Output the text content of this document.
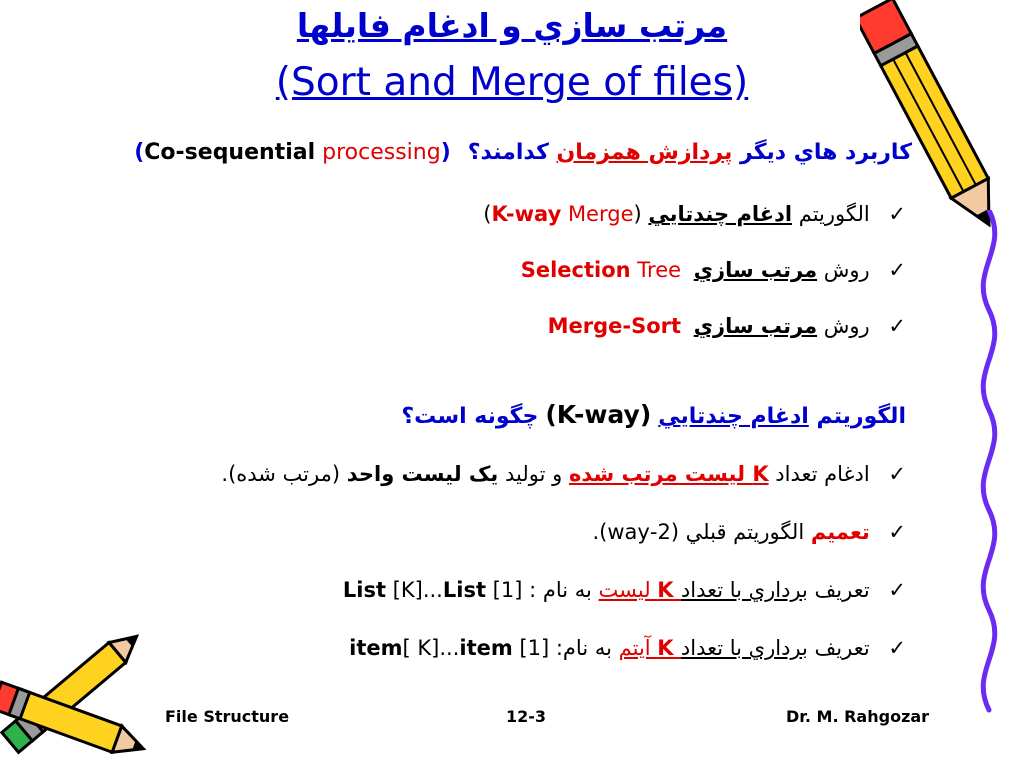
مرتب سازي و ادغام فايلها
(Sort and Merge of files)
كاربرد هاي ديگر پردازش همزمان كدامند؟ (Co-sequential processing)
✓ الگوريتم ادغام چندتايي (K-way Merge)
✓ روش مرتب سازي Selection Tree
✓ روش مرتب سازي Merge-Sort
الگوريتم ادغام چندتايي (K-way) چگونه است؟
✓ ادغام تعداد K ليست مرتب شده و توليد يک ليست واحد (مرتب شده).
✓ تعميم الگوريتم قبلي (2-way).
✓ تعريف برداري با تعداد K ليست به نام : List [K]...List [1]
✓ تعريف برداري با تعداد K آيتم به نام: item[ K]...item [1]
File Structure	12-3	Dr. M. Rahgozar
